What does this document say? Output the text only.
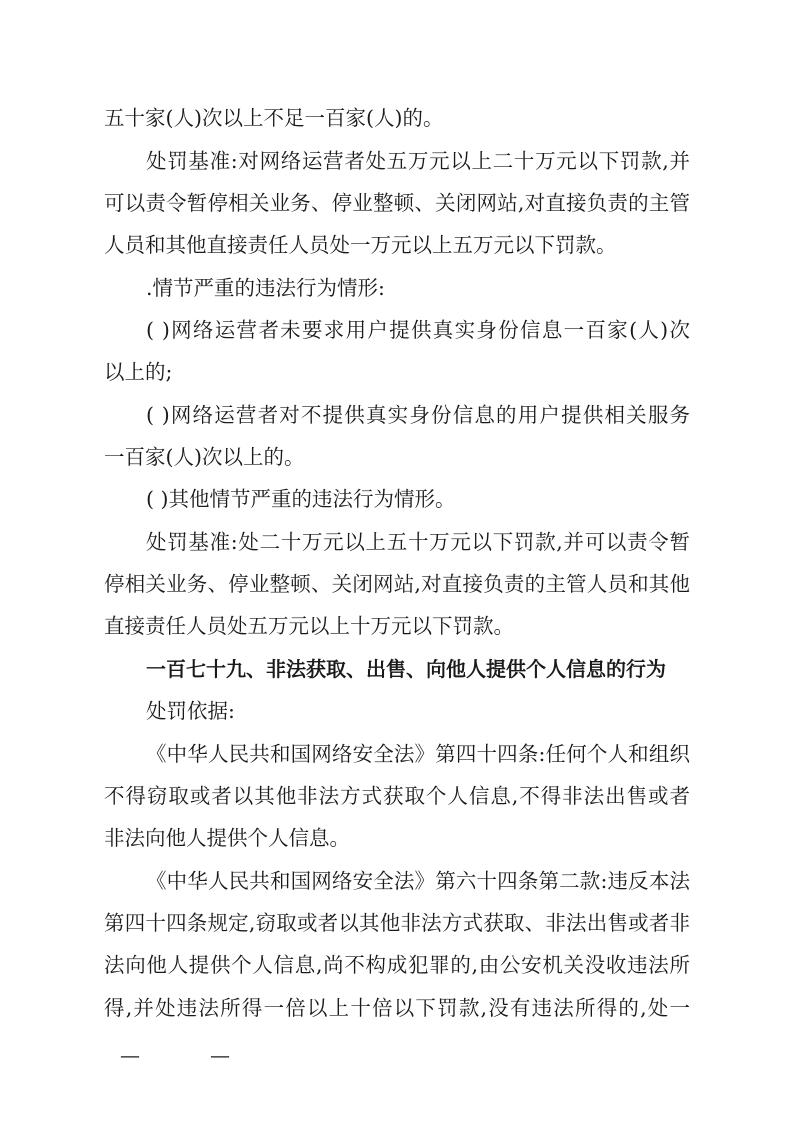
五十家(人)次以上不足一百家(人)的。
处罚基准:对网络运营者处五万元以上二十万元以下罚款,并
可以责令暂停相关业务、停业整顿、关闭网站,对直接负责的主管
人员和其他直接责任人员处一万元以上五万元以下罚款。
.情节严重的违法行为情形:
( )网络运营者未要求用户提供真实身份信息一百家(人)次
以上的;
( )网络运营者对不提供真实身份信息的用户提供相关服务
一百家(人)次以上的。
( )其他情节严重的违法行为情形。
处罚基准:处二十万元以上五十万元以下罚款,并可以责令暂
停相关业务、停业整顿、关闭网站,对直接负责的主管人员和其他
直接责任人员处五万元以上十万元以下罚款。
一百七十九、非法获取、出售、向他人提供个人信息的行为
处罚依据:
《中华人民共和国网络安全法》第四十四条:任何个人和组织
不得窃取或者以其他非法方式获取个人信息,不得非法出售或者
非法向他人提供个人信息。
《中华人民共和国网络安全法》第六十四条第二款:违反本法
第四十四条规定,窃取或者以其他非法方式获取、非法出售或者非
法向他人提供个人信息,尚不构成犯罪的,由公安机关没收违法所
得,并处违法所得一倍以上十倍以下罚款,没有违法所得的,处一
—	—
